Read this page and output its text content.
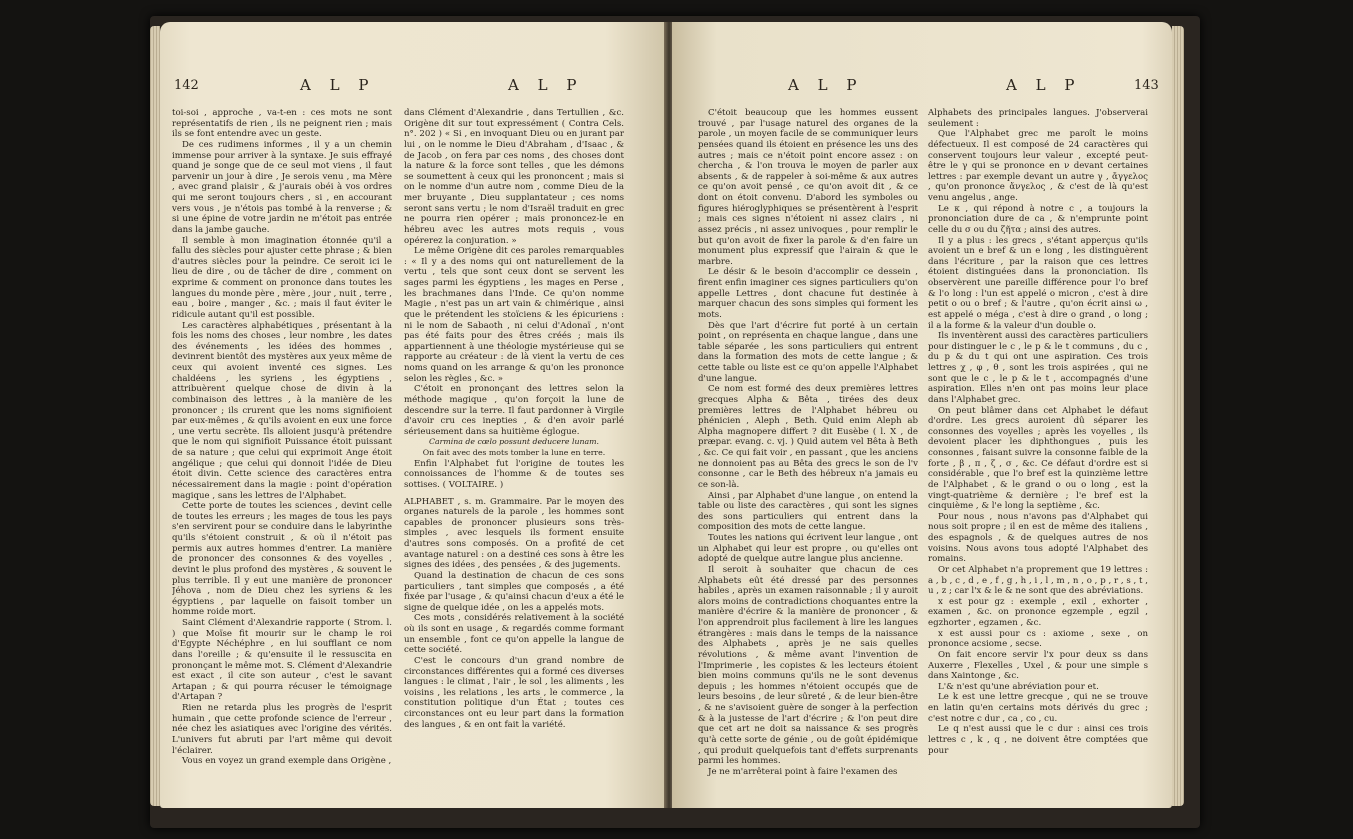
142	A L P	A L P

toi-soi , approche , va-t-en : ces mots ne sont représentatifs de rien , ils ne peignent rien ; mais ils se font entendre avec un geste.

De ces rudimens informes , il y a un chemin immense pour arriver à la syntaxe. Je suis effrayé quand je songe que de ce seul mot viens , il faut parvenir un jour à dire , Je serois venu , ma Mère , avec grand plaisir , & j'aurais obéi à vos ordres qui me seront toujours chers , si , en accourant vers vous , je n'étois pas tombé à la renverse ; & si une épine de votre jardin ne m'étoit pas entrée dans la jambe gauche.

Il semble à mon imagination étonnée qu'il a fallu des siècles pour ajuster cette phrase ; & bien d'autres siècles pour la peindre. Ce seroit ici le lieu de dire , ou de tâcher de dire , comment on exprime & comment on prononce dans toutes les langues du monde père , mère , jour , nuit , terre , eau , boire , manger , &c. ; mais il faut éviter le ridicule autant qu'il est possible.

Les caractères alphabétiques , présentant à la fois les noms des choses , leur nombre , les dates des événements , les idées des hommes , devinrent bientôt des mystères aux yeux même de ceux qui avoient inventé ces signes. Les chaldéens , les syriens , les égyptiens , attribuèrent quelque chose de divin à la combinaison des lettres , à la manière de les prononcer ; ils crurent que les noms signifioient par eux-mêmes , & qu'ils avoient en eux une force , une vertu secrète. Ils alloient jusqu'à prétendre que le nom qui signifioit Puissance étoit puissant de sa nature ; que celui qui exprimoit Ange étoit angélique ; que celui qui donnoit l'idée de Dieu étoit divin. Cette science des caractères entra nécessairement dans la magie : point d'opération magique , sans les lettres de l'Alphabet.

Cette porte de toutes les sciences , devint celle de toutes les erreurs ; les mages de tous les pays s'en servirent pour se conduire dans le labyrinthe qu'ils s'étoient construit , & où il n'étoit pas permis aux autres hommes d'entrer. La manière de prononcer des consonnes & des voyelles , devint le plus profond des mystères , & souvent le plus terrible. Il y eut une manière de prononcer Jéhova , nom de Dieu chez les syriens & les égyptiens , par laquelle on faisoit tomber un homme roide mort.

Saint Clément d'Alexandrie rapporte ( Strom. l. ) que Moïse fit mourir sur le champ le roi d'Egypte Néchéphre , en lui soufflant ce nom dans l'oreille ; & qu'ensuite il le ressuscita en prononçant le même mot. S. Clément d'Alexandrie est exact , il cite son auteur , c'est le savant Artapan ; & qui pourra récuser le témoignage d'Artapan ?

Rien ne retarda plus les progrès de l'esprit humain , que cette profonde science de l'erreur , née chez les asiatiques avec l'origine des vérités. L'univers fut abruti par l'art même qui devoit l'éclairer.

Vous en voyez un grand exemple dans Origène ,

dans Clément d'Alexandrie , dans Tertullien , &c. Origène dit sur tout expressément ( Contra Cels. n°. 202 ) « Si , en invoquant Dieu ou en jurant par lui , on le nomme le Dieu d'Abraham , d'Isaac , & de Jacob , on fera par ces noms , des choses dont la nature & la force sont telles , que les démons se soumettent à ceux qui les prononcent ; mais si on le nomme d'un autre nom , comme Dieu de la mer bruyante , Dieu supplantateur ; ces noms seront sans vertu ; le nom d'Israël traduit en grec ne pourra rien opérer ; mais prononcez-le en hébreu avec les autres mots requis , vous opérerez la conjuration. »

Le même Origène dit ces paroles remarquables : « Il y a des noms qui ont naturellement de la vertu , tels que sont ceux dont se servent les sages parmi les égyptiens , les mages en Perse , les brachmanes dans l'Inde. Ce qu'on nomme Magie , n'est pas un art vain & chimérique , ainsi que le prétendent les stoïciens & les épicuriens : ni le nom de Sabaoth , ni celui d'Adonaï , n'ont pas été faits pour des êtres créés ; mais ils appartiennent à une théologie mystérieuse qui se rapporte au créateur : de là vient la vertu de ces noms quand on les arrange & qu'on les prononce selon les règles , &c. »

C'étoit en prononçant des lettres selon la méthode magique , qu'on forçoit la lune de descendre sur la terre. Il faut pardonner à Virgile d'avoir cru ces inepties , & d'en avoir parlé sérieusement dans sa huitième églogue.

Carmina de cœlo possunt deducere lunam.

On fait avec des mots tomber la lune en terre.

Enfin l'Alphabet fut l'origine de toutes les connoissances de l'homme & de toutes ses sottises. ( VOLTAIRE. )

ALPHABET , s. m. Grammaire. Par le moyen des organes naturels de la parole , les hommes sont capables de prononcer plusieurs sons très-simples , avec lesquels ils forment ensuite d'autres sons composés. On a profité de cet avantage naturel : on a destiné ces sons à être les signes des idées , des pensées , & des jugements.

Quand la destination de chacun de ces sons particuliers , tant simples que composés , a été fixée par l'usage , & qu'ainsi chacun d'eux a été le signe de quelque idée , on les a appelés mots.

Ces mots , considérés relativement à la société où ils sont en usage , & regardés comme formant un ensemble , font ce qu'on appelle la langue de cette société.

C'est le concours d'un grand nombre de circonstances différentes qui a formé ces diverses langues : le climat , l'air , le sol , les aliments , les voisins , les relations , les arts , le commerce , la constitution politique d'un État ; toutes ces circonstances ont eu leur part dans la formation des langues , & en ont fait la variété.

A L P	A L P	143

C'étoit beaucoup que les hommes eussent trouvé , par l'usage naturel des organes de la parole , un moyen facile de se communiquer leurs pensées quand ils étoient en présence les uns des autres ; mais ce n'étoit point encore assez : on chercha , & l'on trouva le moyen de parler aux absents , & de rappeler à soi-même & aux autres ce qu'on avoit pensé , ce qu'on avoit dit , & ce dont on étoit convenu. D'abord les symboles ou figures hiéroglyphiques se présentèrent à l'esprit ; mais ces signes n'étoient ni assez clairs , ni assez précis , ni assez univoques , pour remplir le but qu'on avoit de fixer la parole & d'en faire un monument plus expressif que l'airain & que le marbre.

Le désir & le besoin d'accomplir ce dessein , firent enfin imaginer ces signes particuliers qu'on appelle Lettres , dont chacune fut destinée à marquer chacun des sons simples qui forment les mots.

Dès que l'art d'écrire fut porté à un certain point , on représenta en chaque langue , dans une table séparée , les sons particuliers qui entrent dans la formation des mots de cette langue ; & cette table ou liste est ce qu'on appelle l'Alphabet d'une langue.

Ce nom est formé des deux premières lettres grecques Alpha & Bêta , tirées des deux premières lettres de l'Alphabet hébreu ou phénicien , Aleph , Beth. Quid enim Aleph ab Alpha magnopere differt ? dit Eusèbe ( l. X , de præpar. evang. c. vj. ) Quid autem vel Bêta à Beth , &c. Ce qui fait voir , en passant , que les anciens ne donnoient pas au Bêta des grecs le son de l'v consonne , car le Beth des hébreux n'a jamais eu ce son-là.

Ainsi , par Alphabet d'une langue , on entend la table ou liste des caractères , qui sont les signes des sons particuliers qui entrent dans la composition des mots de cette langue.

Toutes les nations qui écrivent leur langue , ont un Alphabet qui leur est propre , ou qu'elles ont adopté de quelque autre langue plus ancienne.

Il seroit à souhaiter que chacun de ces Alphabets eût été dressé par des personnes habiles , après un examen raisonnable ; il y auroit alors moins de contradictions choquantes entre la manière d'écrire & la manière de prononcer , & l'on apprendroit plus facilement à lire les langues étrangères : mais dans le temps de la naissance des Alphabets , après je ne sais quelles révolutions , & même avant l'invention de l'Imprimerie , les copistes & les lecteurs étoient bien moins communs qu'ils ne le sont devenus depuis ; les hommes n'étoient occupés que de leurs besoins , de leur sûreté , & de leur bien-être , & ne s'avisoient guère de songer à la perfection & à la justesse de l'art d'écrire ; & l'on peut dire que cet art ne doit sa naissance & ses progrès qu'à cette sorte de génie , ou de goût épidémique , qui produit quelquefois tant d'effets surprenants parmi les hommes.

Je ne m'arrêterai point à faire l'examen des

Alphabets des principales langues. J'observerai seulement :

Que l'Alphabet grec me paroît le moins défectueux. Il est composé de 24 caractères qui conservent toujours leur valeur , excepté peut-être le γ qui se prononce en ν devant certaines lettres : par exemple devant un autre γ , ἄγγελος , qu'on prononce ἄνγελος , & c'est de là qu'est venu angelus , ange.

Le κ , qui répond à notre c , a toujours la prononciation dure de ca , & n'emprunte point celle du σ ou du ζῆτα ; ainsi des autres.

Il y a plus : les grecs , s'étant apperçus qu'ils avoient un e bref & un e long , les distinguèrent dans l'écriture , par la raison que ces lettres étoient distinguées dans la prononciation. Ils observèrent une pareille différence pour l'o bref & l'o long : l'un est appelé o micron , c'est à dire petit o ou o bref ; & l'autre , qu'on écrit ainsi ω , est appelé o méga , c'est à dire o grand , o long ; il a la forme & la valeur d'un double o.

Ils inventèrent aussi des caractères particuliers pour distinguer le c , le p & le t communs , du c , du p & du t qui ont une aspiration. Ces trois lettres χ , φ , θ , sont les trois aspirées , qui ne sont que le c , le p & le t , accompagnés d'une aspiration. Elles n'en ont pas moins leur place dans l'Alphabet grec.

On peut blâmer dans cet Alphabet le défaut d'ordre. Les grecs auroient dû séparer les consonnes des voyelles ; après les voyelles , ils devoient placer les diphthongues , puis les consonnes , faisant suivre la consonne faible de la forte , β , π , ζ , σ , &c. Ce défaut d'ordre est si considérable , que l'o bref est la quinzième lettre de l'Alphabet , & le grand o ou o long , est la vingt-quatrième & dernière ; l'e bref est la cinquième , & l'e long la septième , &c.

Pour nous , nous n'avons pas d'Alphabet qui nous soit propre ; il en est de même des italiens , des espagnols , & de quelques autres de nos voisins. Nous avons tous adopté l'Alphabet des romains.

Or cet Alphabet n'a proprement que 19 lettres : a , b , c , d , e , f , g , h , i , l , m , n , o , p , r , s , t , u , z ; car l'x & le & ne sont que des abréviations.

x est pour gz : exemple , exil , exhorter , examen , &c. on prononce egzemple , egzil , egzhorter , egzamen , &c.

x est aussi pour cs : axiome , sexe , on prononce acsiome , secse.

On fait encore servir l'x pour deux ss dans Auxerre , Flexelles , Uxel , & pour une simple s dans Xaintonge , &c.

L'& n'est qu'une abréviation pour et.

Le k est une lettre grecque , qui ne se trouve en latin qu'en certains mots dérivés du grec ; c'est notre c dur , ca , co , cu.

Le q n'est aussi que le c dur : ainsi ces trois lettres c , k , q , ne doivent être comptées que pour
